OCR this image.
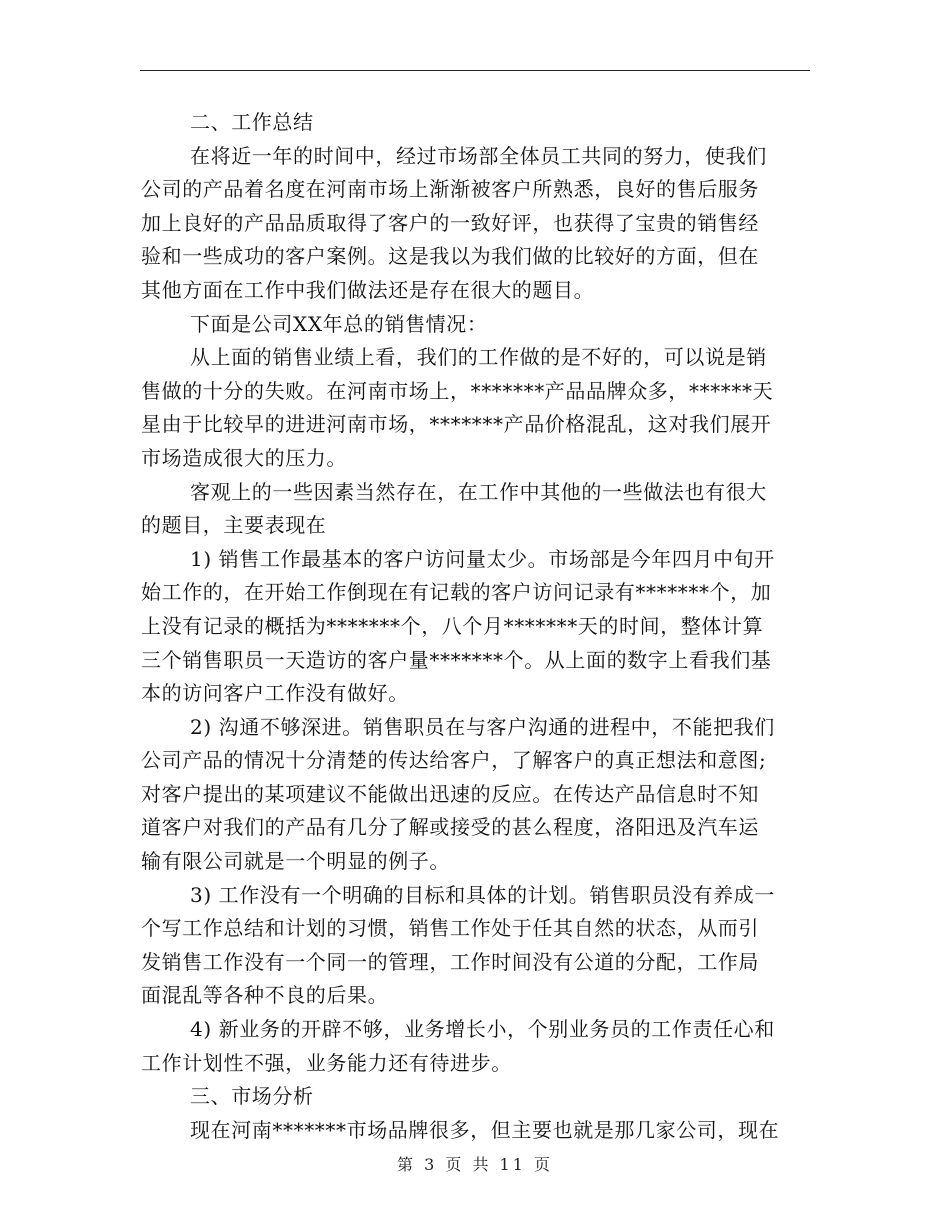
二、工作总结
在将近一年的时间中，经过市场部全体员工共同的努力，使我们
公司的产品着名度在河南市场上渐渐被客户所熟悉，良好的售后服务
加上良好的产品品质取得了客户的一致好评，也获得了宝贵的销售经
验和一些成功的客户案例。这是我以为我们做的比较好的方面，但在
其他方面在工作中我们做法还是存在很大的题目。
下面是公司XX年总的销售情况：
从上面的销售业绩上看，我们的工作做的是不好的，可以说是销
售做的十分的失败。在河南市场上，*******产品品牌众多，******天
星由于比较早的进进河南市场，*******产品价格混乱，这对我们展开
市场造成很大的压力。
客观上的一些因素当然存在，在工作中其他的一些做法也有很大
的题目，主要表现在
1) 销售工作最基本的客户访问量太少。市场部是今年四月中旬开
始工作的，在开始工作倒现在有记载的客户访问记录有*******个，加
上没有记录的概括为*******个，八个月*******天的时间，整体计算
三个销售职员一天造访的客户量*******个。从上面的数字上看我们基
本的访问客户工作没有做好。
2) 沟通不够深进。销售职员在与客户沟通的进程中，不能把我们
公司产品的情况十分清楚的传达给客户，了解客户的真正想法和意图;
对客户提出的某项建议不能做出迅速的反应。在传达产品信息时不知
道客户对我们的产品有几分了解或接受的甚么程度，洛阳迅及汽车运
输有限公司就是一个明显的例子。
3) 工作没有一个明确的目标和具体的计划。销售职员没有养成一
个写工作总结和计划的习惯，销售工作处于任其自然的状态，从而引
发销售工作没有一个同一的管理，工作时间没有公道的分配，工作局
面混乱等各种不良的后果。
4) 新业务的开辟不够，业务增长小，个别业务员的工作责任心和
工作计划性不强，业务能力还有待进步。
三、市场分析
现在河南*******市场品牌很多，但主要也就是那几家公司，现在
第 3 页 共 11 页
